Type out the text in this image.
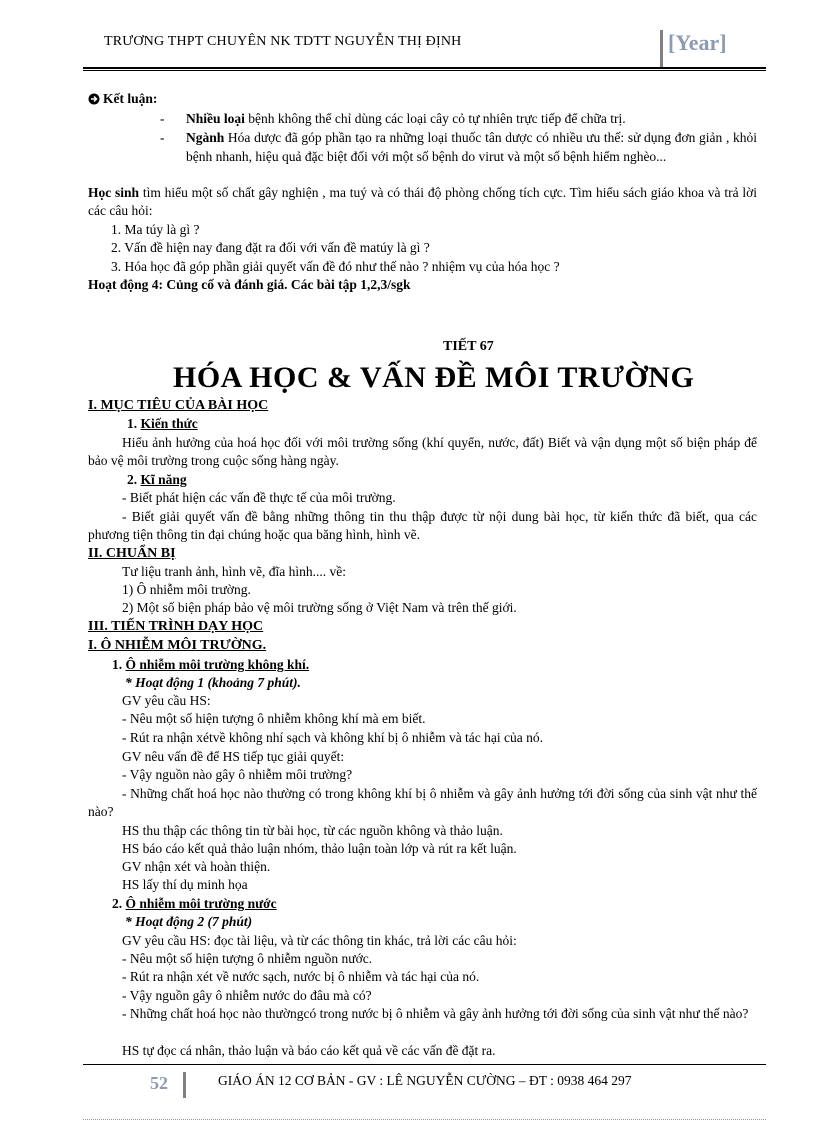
TRƯƠNG THPT CHUYÊN NK TDTT NGUYỄN THỊ ĐỊNH	[Year]
Kết luận:
- Nhiều loại bệnh không thể chỉ dùng các loại cây cỏ tự nhiên trực tiếp để chữa trị.
- Ngành Hóa dược đã góp phần tạo ra những loại thuốc tân dược có nhiều ưu thế: sử dụng đơn giản , khỏi bệnh nhanh, hiệu quả đặc biệt đối với một số bệnh do virut và một số bệnh hiểm nghèo...
Học sinh tìm hiểu một số chất gây nghiện , ma tuý và có thái độ phòng chống tích cực. Tìm hiểu sách giáo khoa và trả lời các câu hỏi:
1. Ma túy là gì ?
2. Vấn đề hiện nay đang đặt ra đối với vấn đề matúy là gì ?
3. Hóa học đã góp phần giải quyết vấn đề đó như thế nào ? nhiệm vụ của hóa học ?
Hoạt động 4: Củng cố và đánh giá. Các bài tập 1,2,3/sgk
TIẾT 67
HÓA HỌC & VẤN ĐỀ MÔI TRƯỜNG
I. MỤC TIÊU CỦA BÀI HỌC
1. Kiến thức
Hiểu ảnh hưởng của hoá học đối với môi trường sống (khí quyển, nước, đất) Biết và vận dụng một số biện pháp để bảo vệ môi trường trong cuộc sống hàng ngày.
2. Kĩ năng
- Biết phát hiện các vấn đề thực tế của môi trường.
- Biết giải quyết vấn đề bằng những thông tin thu thập được từ nội dung bài học, từ kiến thức đã biết, qua các phương tiện thông tin đại chúng hoặc qua băng hình, hình vẽ.
II. CHUẨN BỊ
Tư liệu tranh ảnh, hình vẽ, đĩa hình.... về:
1) Ô nhiễm môi trường.
2) Một số biện pháp bảo vệ môi trường sống ở Việt Nam và trên thế giới.
III. TIẾN TRÌNH DẠY HỌC
I. Ô NHIỄM MÔI TRƯỜNG.
1. Ô nhiễm môi trường không khí.
* Hoạt động 1 (khoảng 7 phút).
GV yêu cầu HS:
- Nêu một số hiện tượng ô nhiễm không khí mà em biết.
- Rút ra nhận xétvề không nhí sạch và không khí bị ô nhiễm và tác hại của nó.
GV nêu vấn đề để HS tiếp tục giải quyết:
- Vậy nguồn nào gây ô nhiễm môi trường?
- Những chất hoá học nào thường có trong không khí bị ô nhiễm và gây ảnh hưởng tới đời sống của sinh vật như thế nào?
HS thu thập các thông tin từ bài học, từ các nguồn không và thảo luận.
HS báo cáo kết quả thảo luận nhóm, thảo luận toàn lớp và rút ra kết luận.
GV nhận xét và hoàn thiện.
HS lấy thí dụ minh họa
2. Ô nhiễm môi trường nước
* Hoạt động 2 (7 phút)
GV yêu cầu HS: đọc tài liệu, và từ các thông tin khác, trả lời các câu hỏi:
- Nêu một số hiện tượng ô nhiễm nguồn nước.
- Rút ra nhận xét về nước sạch, nước bị ô nhiễm và tác hại của nó.
- Vậy nguồn gây ô nhiễm nước do đâu mà có?
- Những chất hoá học nào thườngcó trong nước bị ô nhiễm và gây ảnh hưởng tới đời sống của sinh vật như thế nào?
HS tự đọc cá nhân, thảo luận và báo cáo kết quả về các vấn đề đặt ra.
52	GIÁO ÁN 12 CƠ BẢN - GV : LÊ NGUYỄN CƯỜNG – ĐT : 0938 464 297
